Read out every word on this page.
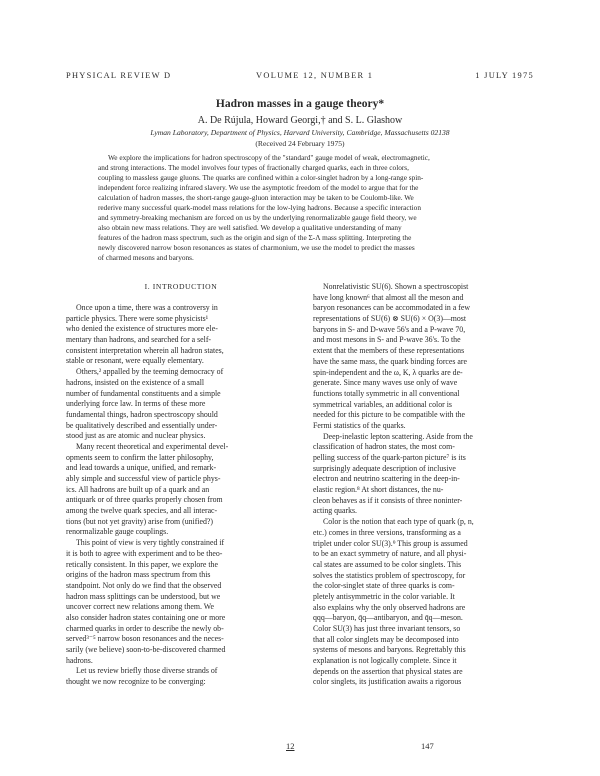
PHYSICAL REVIEW D	VOLUME 12, NUMBER 1	1 JULY 1975
Hadron masses in a gauge theory*
A. De Rújula, Howard Georgi,† and S. L. Glashow
Lyman Laboratory, Department of Physics, Harvard University, Cambridge, Massachusetts 02138
(Received 24 February 1975)
We explore the implications for hadron spectroscopy of the "standard" gauge model of weak, electromagnetic,
and strong interactions. The model involves four types of fractionally charged quarks, each in three colors,
coupling to massless gauge gluons. The quarks are confined within a color-singlet hadron by a long-range spin-
independent force realizing infrared slavery. We use the asymptotic freedom of the model to argue that for the
calculation of hadron masses, the short-range gauge-gluon interaction may be taken to be Coulomb-like. We
rederive many successful quark-model mass relations for the low-lying hadrons. Because a specific interaction
and symmetry-breaking mechanism are forced on us by the underlying renormalizable gauge field theory, we
also obtain new mass relations. They are well satisfied. We develop a qualitative understanding of many
features of the hadron mass spectrum, such as the origin and sign of the Σ-Λ mass splitting. Interpreting the
newly discovered narrow boson resonances as states of charmonium, we use the model to predict the masses
of charmed mesons and baryons.
I. INTRODUCTION
Once upon a time, there was a controversy in
particle physics. There were some physicists¹
who denied the existence of structures more ele-
mentary than hadrons, and searched for a self-
consistent interpretation wherein all hadron states,
stable or resonant, were equally elementary.
Others,² appalled by the teeming democracy of
hadrons, insisted on the existence of a small
number of fundamental constituents and a simple
underlying force law. In terms of these more
fundamental things, hadron spectroscopy should
be qualitatively described and essentially under-
stood just as are atomic and nuclear physics.
Many recent theoretical and experimental devel-
opments seem to confirm the latter philosophy,
and lead towards a unique, unified, and remark-
ably simple and successful view of particle phys-
ics. All hadrons are built up of a quark and an
antiquark or of three quarks properly chosen from
among the twelve quark species, and all interac-
tions (but not yet gravity) arise from (unified?)
renormalizable gauge couplings.
This point of view is very tightly constrained if
it is both to agree with experiment and to be theo-
retically consistent. In this paper, we explore the
origins of the hadron mass spectrum from this
standpoint. Not only do we find that the observed
hadron mass splittings can be understood, but we
uncover correct new relations among them. We
also consider hadron states containing one or more
charmed quarks in order to describe the newly ob-
served³⁻⁵ narrow boson resonances and the neces-
sarily (we believe) soon-to-be-discovered charmed
hadrons.
Let us review briefly those diverse strands of
thought we now recognize to be converging:
Nonrelativistic SU(6). Shown a spectroscopist
have long known⁶ that almost all the meson and
baryon resonances can be accommodated in a few
representations of SU(6) ⊗ SU(6) × O(3)—most
baryons in S- and D-wave 56's and a P-wave 70,
and most mesons in S- and P-wave 36's. To the
extent that the members of these representations
have the same mass, the quark binding forces are
spin-independent and the ω, K, λ quarks are de-
generate. Since many waves use only of wave
functions totally symmetric in all conventional
symmetrical variables, an additional color is
needed for this picture to be compatible with the
Fermi statistics of the quarks.
Deep-inelastic lepton scattering. Aside from the
classification of hadron states, the most com-
pelling success of the quark-parton picture⁷ is its
surprisingly adequate description of inclusive
electron and neutrino scattering in the deep-in-
elastic region.⁸ At short distances, the nu-
cleon behaves as if it consists of three noninter-
acting quarks.
Color is the notion that each type of quark (p, n,
etc.) comes in three versions, transforming as a
triplet under color SU(3).⁹ This group is assumed
to be an exact symmetry of nature, and all physi-
cal states are assumed to be color singlets. This
solves the statistics problem of spectroscopy, for
the color-singlet state of three quarks is com-
pletely antisymmetric in the color variable. It
also explains why the only observed hadrons are
qqq—baryon, q̄q—antibaryon, and q̄q—meson.
Color SU(3) has just three invariant tensors, so
that all color singlets may be decomposed into
systems of mesons and baryons. Regrettably this
explanation is not logically complete. Since it
depends on the assertion that physical states are
color singlets, its justification awaits a rigorous
12	147
